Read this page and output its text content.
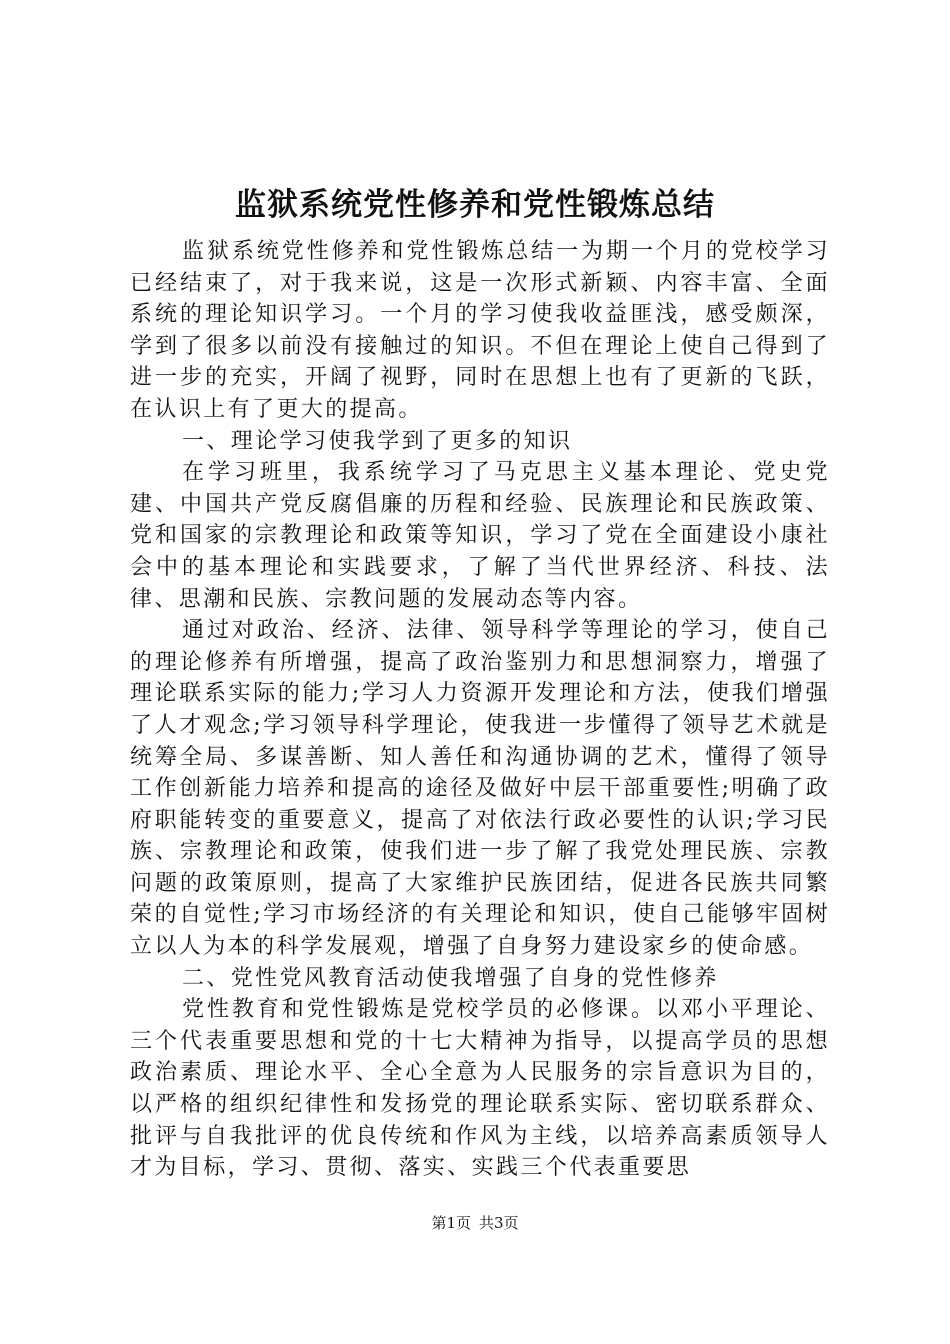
监狱系统党性修养和党性锻炼总结

监狱系统党性修养和党性锻炼总结一为期一个月的党校学习已经结束了，对于我来说，这是一次形式新颖、内容丰富、全面系统的理论知识学习。一个月的学习使我收益匪浅，感受颇深，学到了很多以前没有接触过的知识。不但在理论上使自己得到了进一步的充实，开阔了视野，同时在思想上也有了更新的飞跃，在认识上有了更大的提高。

一、理论学习使我学到了更多的知识

在学习班里，我系统学习了马克思主义基本理论、党史党建、中国共产党反腐倡廉的历程和经验、民族理论和民族政策、党和国家的宗教理论和政策等知识，学习了党在全面建设小康社会中的基本理论和实践要求，了解了当代世界经济、科技、法律、思潮和民族、宗教问题的发展动态等内容。

通过对政治、经济、法律、领导科学等理论的学习，使自己的理论修养有所增强，提高了政治鉴别力和思想洞察力，增强了理论联系实际的能力;学习人力资源开发理论和方法，使我们增强了人才观念;学习领导科学理论，使我进一步懂得了领导艺术就是统筹全局、多谋善断、知人善任和沟通协调的艺术，懂得了领导工作创新能力培养和提高的途径及做好中层干部重要性;明确了政府职能转变的重要意义，提高了对依法行政必要性的认识;学习民族、宗教理论和政策，使我们进一步了解了我党处理民族、宗教问题的政策原则，提高了大家维护民族团结，促进各民族共同繁荣的自觉性;学习市场经济的有关理论和知识，使自己能够牢固树立以人为本的科学发展观，增强了自身努力建设家乡的使命感。

二、党性党风教育活动使我增强了自身的党性修养

党性教育和党性锻炼是党校学员的必修课。以邓小平理论、三个代表重要思想和党的十七大精神为指导，以提高学员的思想政治素质、理论水平、全心全意为人民服务的宗旨意识为目的，以严格的组织纪律性和发扬党的理论联系实际、密切联系群众、批评与自我批评的优良传统和作风为主线，以培养高素质领导人才为目标，学习、贯彻、落实、实践三个代表重要思

第1页 共3页
